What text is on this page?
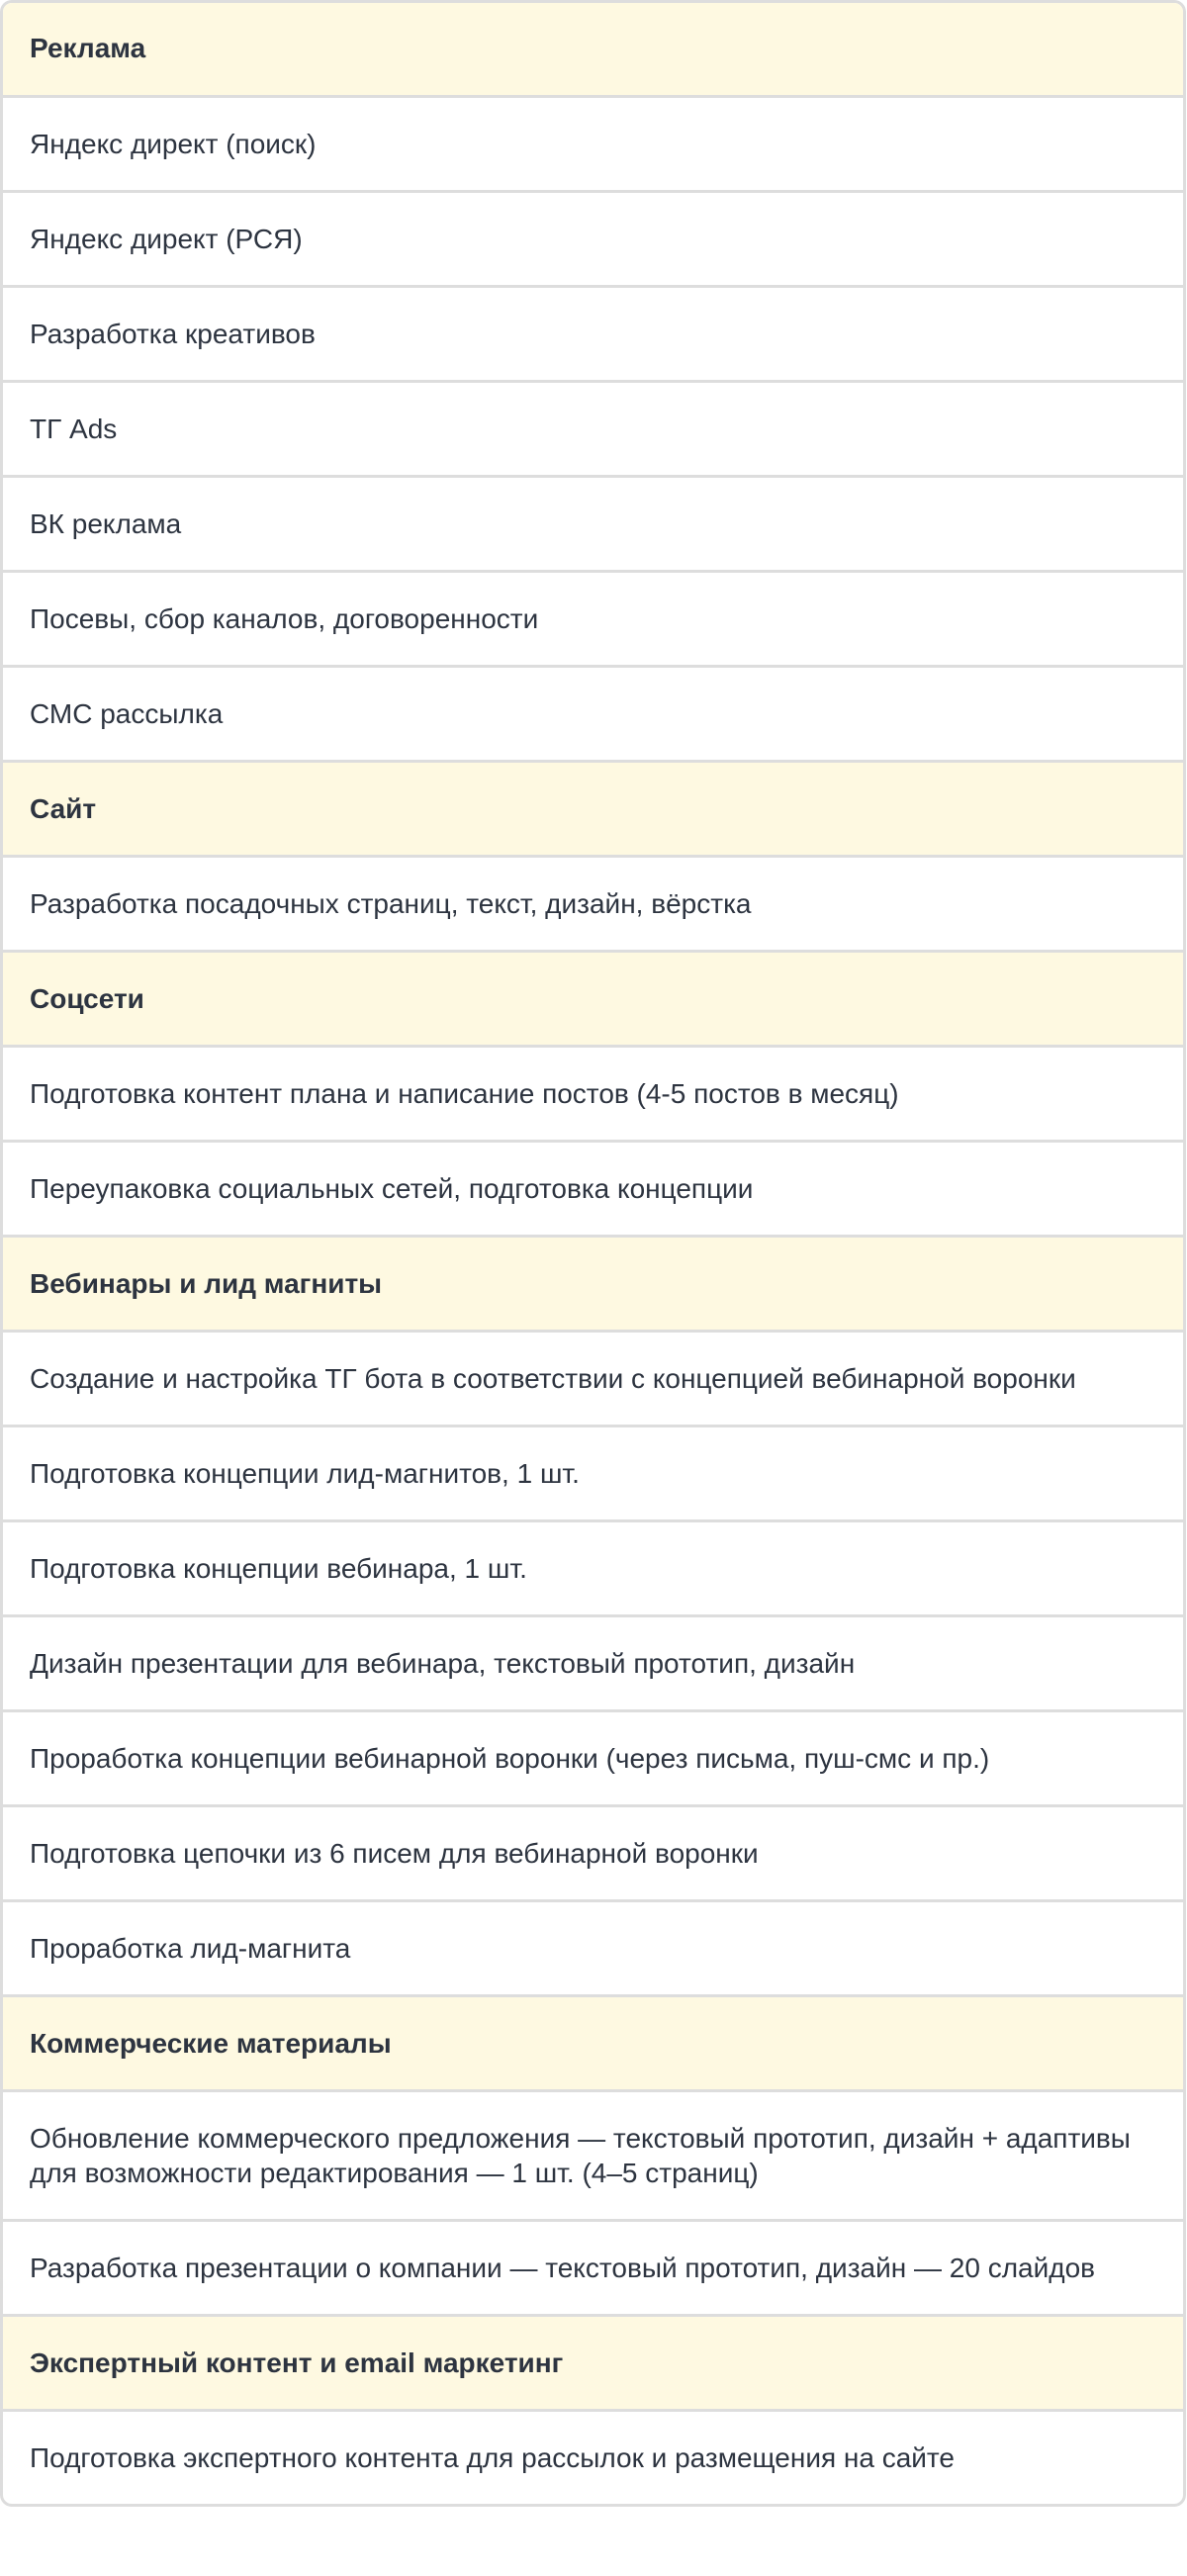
Реклама
Яндекс директ (поиск)
Яндекс директ (РСЯ)
Разработка креативов
ТГ Ads
ВК реклама
Посевы, сбор каналов, договоренности
СМС рассылка
Сайт
Разработка посадочных страниц, текст, дизайн, вёрстка
Соцсети
Подготовка контент плана и написание постов (4-5 постов в месяц)
Переупаковка социальных сетей, подготовка концепции
Вебинары и лид магниты
Создание и настройка ТГ бота в соответствии с концепцией вебинарной воронки
Подготовка концепции лид-магнитов, 1 шт.
Подготовка концепции вебинара, 1 шт.
Дизайн презентации для вебинара, текстовый прототип, дизайн
Проработка концепции вебинарной воронки (через письма, пуш-смс и пр.)
Подготовка цепочки из 6 писем для вебинарной воронки
Проработка лид-магнита
Коммерческие материалы
Обновление коммерческого предложения — текстовый прототип, дизайн + адаптивы для возможности редактирования — 1 шт. (4–5 страниц)
Разработка презентации о компании — текстовый прототип, дизайн — 20 слайдов
Экспертный контент и email маркетинг
Подготовка экспертного контента для рассылок и размещения на сайте
